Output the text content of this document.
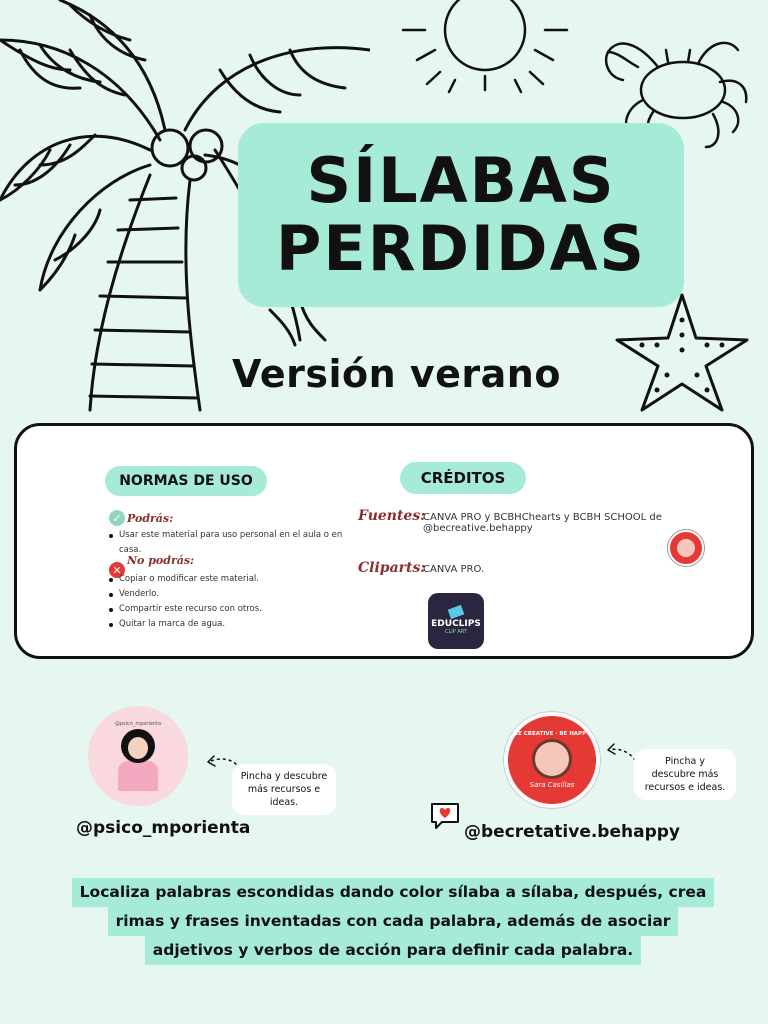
SÍLABAS
PERDIDAS
Versión verano
NORMAS DE USO
✓ Podrás:
Usar este material para uso personal en el aula o en casa.
No podrás:
✕
Copiar o modificar este material.
Venderlo.
Compartir este recurso con otros.
Quitar la marca de agua.
CRÉDITOS
Fuentes:
CANVA PRO y BCBHChearts y BCBH SCHOOL de @becreative.behappy
Cliparts:
CANVA PRO.
EDUCLIPS
CLIP ART
@psico_mporienta
Pincha y descubre más recursos e ideas.
@psico_mporienta
BE CREATIVE · BE HAPPY
Sara Casillas
Pincha y descubre más recursos e ideas.
@becretative.behappy
Localiza palabras escondidas dando color sílaba a sílaba, después, crea
rimas y frases inventadas con cada palabra, además de asociar
adjetivos y verbos de acción para definir cada palabra.
